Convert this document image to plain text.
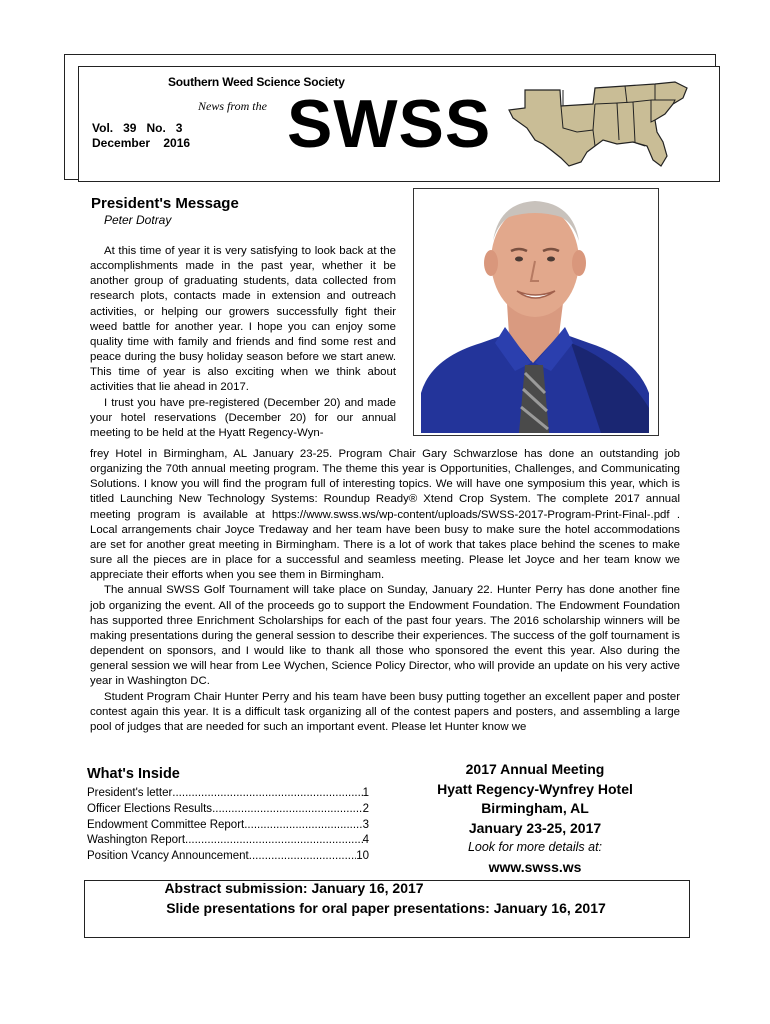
Southern Weed Science Society
News from the
Vol.   39   No.   3
December    2016 SWSS
President's Message
Peter Dotray

At this time of year it is very satisfying to look back at the accomplishments made in the past year, whether it be another group of graduating students, data collected from research plots, contacts made in extension and outreach activities, or helping our growers successfully fight their weed battle for another year. I hope you can enjoy some quality time with family and friends and find some rest and peace during the busy holiday season before we start anew. This time of year is also exciting when we think about activities that lie ahead in 2017.

I trust you have pre-registered (December 20) and made your hotel reservations (December 20) for our annual meeting to be held at the Hyatt Regency-Wyn-

frey Hotel in Birmingham, AL January 23-25. Program Chair Gary Schwarzlose has done an outstanding job organizing the 70th annual meeting program. The theme this year is Opportunities, Challenges, and Communicating Solutions. I know you will find the program full of interesting topics. We will have one symposium this year, which is titled Launching New Technology Systems: Roundup Ready® Xtend Crop System. The complete 2017 annual meeting program is available at https://www.swss.ws/wp-content/uploads/SWSS-2017-Program-Print-Final-.pdf . Local arrangements chair Joyce Tredaway and her team have been busy to make sure the hotel accommodations are set for another great meeting in Birmingham. There is a lot of work that takes place behind the scenes to make sure all the pieces are in place for a successful and seamless meeting. Please let Joyce and her team know we appreciate their efforts when you see them in Birmingham.

The annual SWSS Golf Tournament will take place on Sunday, January 22. Hunter Perry has done another fine job organizing the event. All of the proceeds go to support the Endowment Foundation. The Endowment Foundation has supported three Enrichment Scholarships for each of the past four years. The 2016 scholarship winners will be making presentations during the general session to describe their experiences. The success of the golf tournament is dependent on sponsors, and I would like to thank all those who sponsored the event this year. Also during the general session we will hear from Lee Wychen, Science Policy Director, who will provide an update on his very active year in Washington DC.

Student Program Chair Hunter Perry and his team have been busy putting together an excellent paper and poster contest again this year. It is a difficult task organizing all of the contest papers and posters, and assembling a large pool of judges that are needed for such an important event. Please let Hunter know we

What's Inside
President's letter .....	1
Officer Elections Results .....	2
Endowment Committee Report .....	3
Washington Report .....	4
Position Vcancy Announcement .....	10
2017 Annual Meeting
Hyatt Regency-Wynfrey Hotel
Birmingham, AL
January 23-25, 2017
Look for more details at:
www.swss.ws
Abstract submission: January 16, 2017
Slide presentations for oral paper presentations: January 16, 2017
